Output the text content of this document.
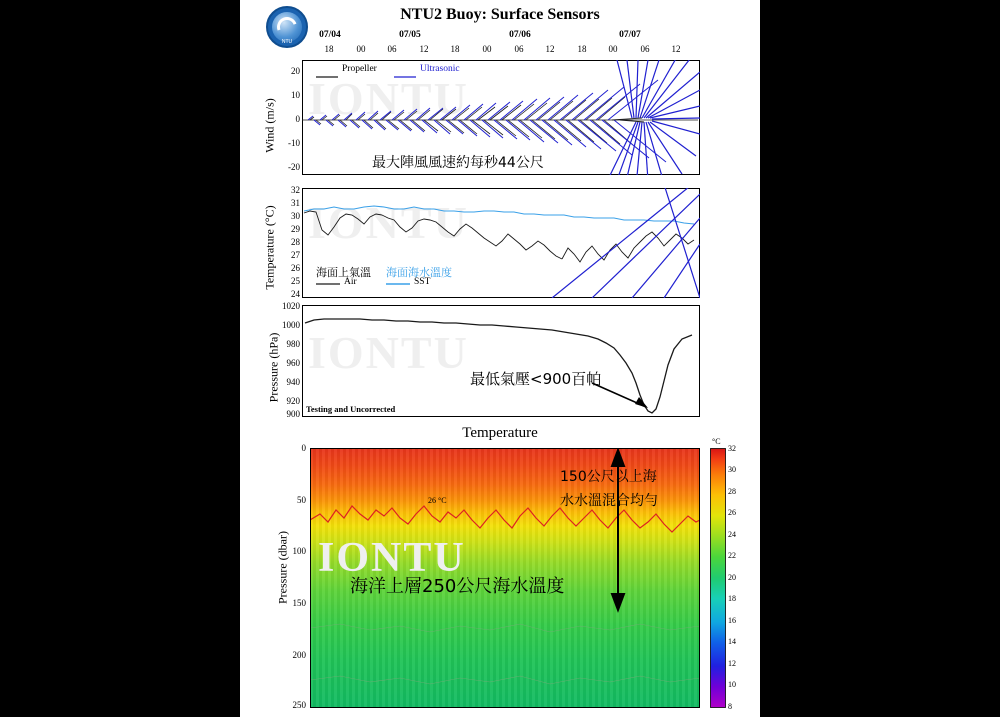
NTU
NTU2 Buoy: Surface Sensors
07/04	07/05	07/06	07/07
18	00	06	12	18	00	06	12	18	00	06	12
IONTU
Wind (m/s)
20
10
0
-10
-20
Propeller	Ultrasonic
最大陣風風速約每秒44公尺
IONTU
Temperature (°C)
32
31
30
29
28
27
26
25
24
海面上氣溫 海面海水溫度
Air	SST
IONTU
Pressure (hPa)
1020
1000
980
960
940
920
900
最低氣壓<900百帕
Testing and Uncorrected
Temperature
Pressure (dbar)
0
50
100
150
200
250
26 °C
IONTU
150公尺以上海
水水溫混合均勻
海洋上層250公尺海水溫度
°C
32
30
28
26
24
22
20
18
16
14
12
10
8
